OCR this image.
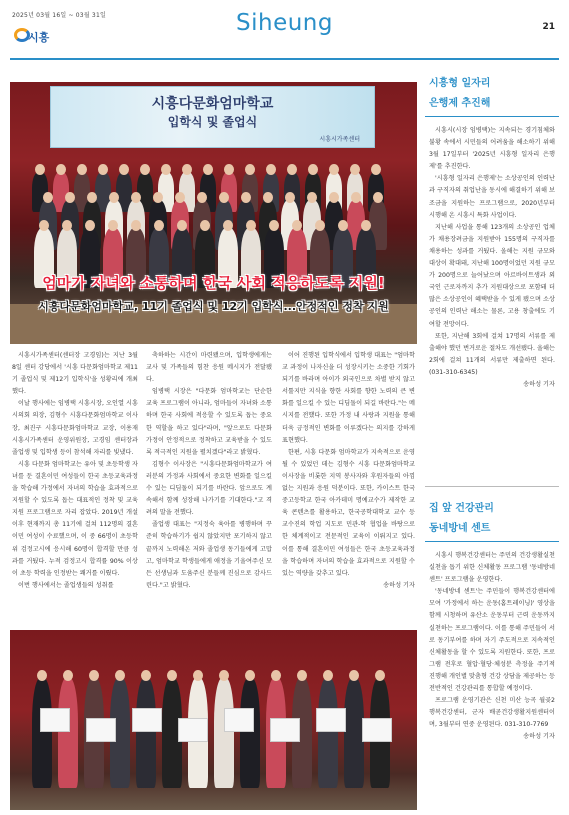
2025년 03월 16일 ~ 03월 31일
시흥
Siheung	21
시흥다문화엄마학교
입학식 및 졸업식
시흥시가족센터
엄마가 자녀와 소통하며 한국 사회 적응하도록 지원!
시흥다문화엄마학교, 11기 졸업식 및 12기 입학식...안정적인 정착 지원

시흥시가족센터(센터장 고경임)는 지난 3월 8일 센터 강당에서 '시흥 다문화엄마학교 제11기 졸업식 및 제12기 입학식'을 성황리에 개최했다.

이날 행사에는 임병택 시흥시장, 오인열 시흥시의회 의장, 김형수 시흥다문화엄마학교 이사장, 최진구 시흥다문화엄마학교 교장, 이용재 시흥시가족센터 운영위원장, 고경임 센터장과 졸업생 및 입학생 등이 참석해 자리를 빛냈다.

시흥 다문화 엄마학교는 유아 및 초등학생 자녀를 둔 결혼이민 여성들이 한국 초등교육과정을 학습해 가정에서 자녀의 학습을 효과적으로 지원할 수 있도록 돕는 대표적인 정착 및 교육지원 프로그램으로 자리 잡았다. 2019년 개설 이후 현재까지 총 11기에 걸쳐 112명의 결혼이민 여성이 수료했으며, 이 중 66명이 초등학위 검정고시에 응시해 60명이 합격할 만큼 성과를 거뒀다. 누적 검정고시 합격률 90% 이상이 초등 학력을 인정받는 쾌거를 이뤘다.

이번 행사에서는 졸업생들의 성취를

축하하는 시간이 마련됐으며, 입학생에게는 교사 및 가족들의 힘찬 응원 메시지가 전달됐다.

임병택 시장은 "다문화 엄마학교는 단순한 교육 프로그램이 아니라, 엄마들이 자녀와 소통하며 한국 사회에 적응할 수 있도록 돕는 중요한 역할을 하고 있다"라며, "앞으로도 다문화 가정이 안정적으로 정착하고 교육받을 수 있도록 적극적인 지원을 펼치겠다"라고 밝혔다.

김형수 이사장은 "시흥다문화엄마학교가 여러분의 가정과 사회에서 중요한 변화를 일으킬 수 있는 디딤돌이 되기를 바란다. 앞으로도 계속해서 함께 성장해 나가기를 기대한다."고 격려의 말을 전했다.

졸업생 대표는 "지정숙 육아를 병행하며 꾸준히 학습하기가 쉽지 않았지만 포기하지 않고 끝까지 노력해온 저와 졸업생 동기들에게 고맙고, 엄마학교 학생들에게 애정을 기울여주신 모든 선생님과 도움주신 분들께 진심으로 감사드린다."고 밝혔다.

이어 진행된 입학식에서 입학생 대표는 "엄마학교 과정이 나자신을 더 성장시키는 소중한 기회가 되기를 바라며 아이가 외국인으로 차별 받지 않고 서툴지만 지식을 향한 사회를 향한 노력의 큰 변화를 일으킬 수 있는 디딤돌이 되길 바란다."는 메시지를 전했다. 또한 가정 내 사랑과 지원을 통해 더욱 긍정적인 변화를 이루겠다는 의지를 강하게 표현했다.

한편, 시흥 다문화 엄마학교가 지속적으로 운영될 수 있었던 데는 김형수 시흥 다문화엄마학교 이사장을 비롯한 지역 봉사자와 후원자들의 아낌없는 지원과 응원 덕분이다. 또한, 카이스트 한국중고등학교 한국 아카데미 명예교수가 제작한 교육 콘텐츠를 활용하고, 한국공학대학교 교수 등 교수진의 학업 지도로 민관-학 협업을 바탕으로 한 체계적이고 전문적인 교육이 이뤄지고 있다. 이를 통해 결혼이민 여성들은 한국 초등교육과정을 학습하며 자녀의 학습을 효과적으로 지원할 수 있는 역량을 갖추고 있다.

송하성 기자

시흥형 일자리
은행제 추진해

시흥시(시장 임병택)는 지속되는 경기침체와 불황 속에서 시민들의 어려움을 해소하기 위해 3월 17일부터 '2025년 시흥형 일자리 은행제'를 추진한다.

'시흥형 일자리 은행제'는 소상공인의 인력난과 구직자의 취업난을 동시에 해결하기 위해 보조금을 지원하는 프로그램으로, 2020년부터 시행해 온 시흥시 특화 사업이다.

지난해 사업을 통해 123개의 소상공인 업체가 채용장려금을 지원받아 155명의 구직자를 채용하는 성과를 거뒀다. 올해는 지원 규모와 대상이 확대돼, 지난해 100명이었던 지원 규모가 200명으로 늘어났으며 아르바이트생과 외국인 근로자까지 추가 지원대상으로 포함돼 더 많은 소상공인이 혜택받을 수 있게 됐으며 소상공인의 인력난 해소는 물론, 고용 창출에도 기여할 전망이다.

또한, 지난해 3회에 걸쳐 17명의 서류를 제출해야 했던 번거로운 절차도 개선됐다. 올해는 2회에 걸쳐 11개의 서류만 제출하면 된다. (031-310-6345)

송하성 기자

집 앞 건강관리
동네방네 센트

시흥시 행복건강센터는 주민의 건강생활실천 실천을 돕기 위한 신체활동 프로그램 '동네방네 센트' 프로그램을 운영한다.

'동네방네 센트'는 주민들이 행복건강센터에 모여 '가정에서 하는 운동(홈트레이닝)' 영상을 함께 시청하며 유산소 운동부터 근력 운동까지 실천하는 프로그램이다. 이를 통해 주민들이 서로 동기부여를 하며 자기 주도적으로 지속적인 신체활동을 할 수 있도록 지원한다. 또한, 프로그램 전후로 혈압·혈당·체성분 측정을 주기적 진행해 개인별 맞춤형 건강 상담을 제공하는 등 전반적인 건강관리를 통합할 예정이다.

프로그램 운영기관은 신천 미산 능곡 월곶2행복건강센터, 군자 배곧건강생활지원센터이며, 3월부터 연중 운영된다. 031-310-7769

송하성 기자
